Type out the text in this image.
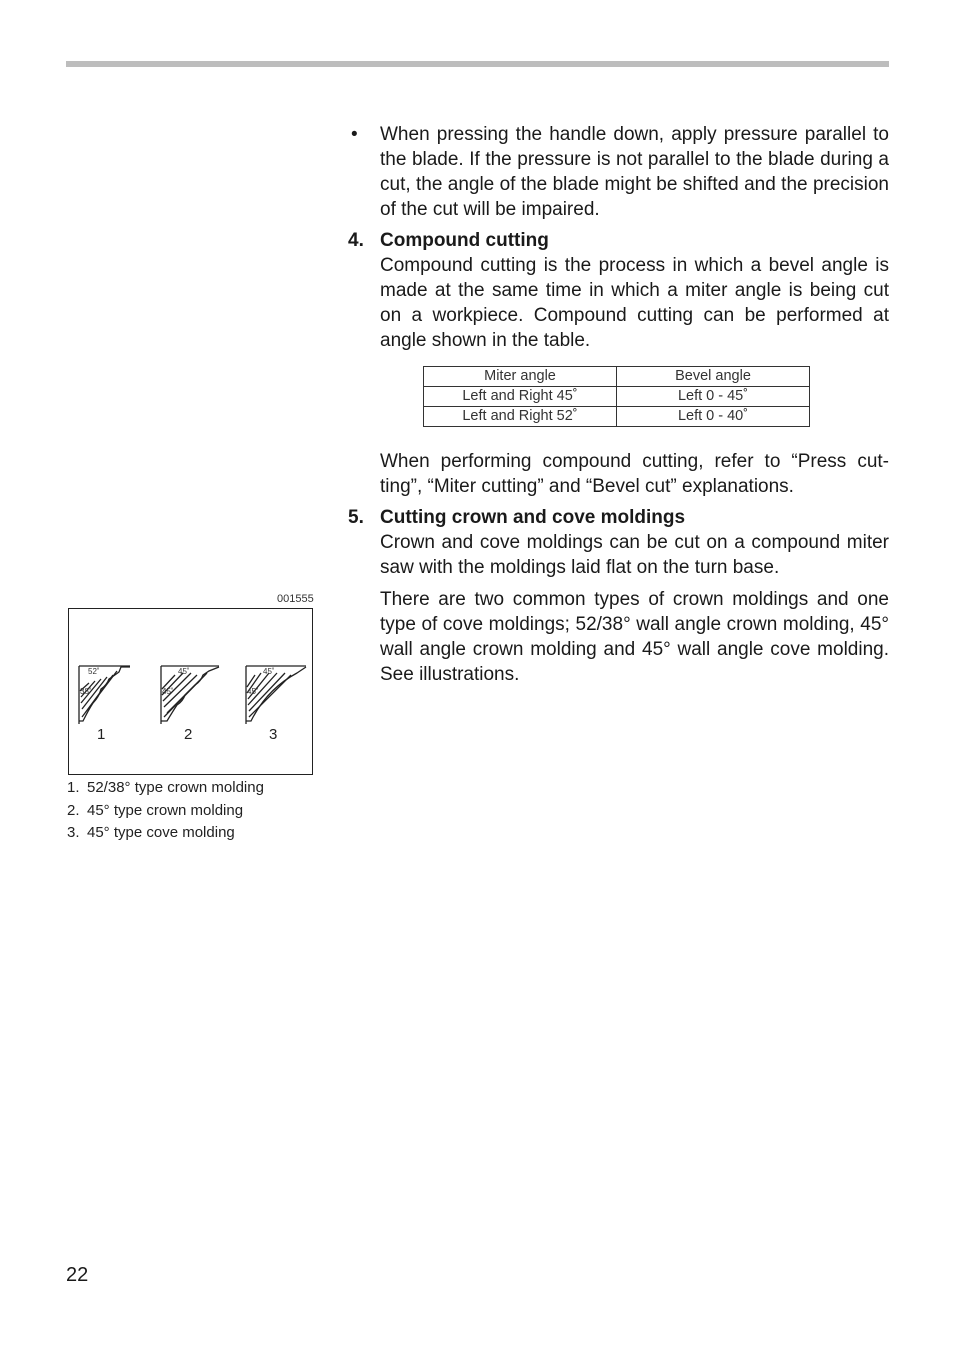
•	When pressing the handle down, apply pressure parallel to the blade. If the pressure is not parallel to the blade during a cut, the angle of the blade might be shifted and the precision of the cut will be impaired.
4. Compound cutting

Compound cutting is the process in which a bevel angle is made at the same time in which a miter angle is being cut on a workpiece. Compound cutting can be performed at angle shown in the table.

Miter angle	Bevel angle
Left and Right 45˚	Left 0 - 45˚
Left and Right 52˚	Left 0 - 40˚
When performing compound cutting, refer to “Press cut-ting”, “Miter cutting” and “Bevel cut” explanations.
5. Cutting crown and cove moldings

Crown and cove moldings can be cut on a compound miter saw with the moldings laid flat on the turn base.

There are two common types of crown moldings and one type of cove moldings; 52/38° wall angle crown molding, 45° wall angle crown molding and 45° wall angle cove molding. See illustrations.

001555
52˚
38˚
45˚
45˚
45˚
45˚
1	2	3
1. 52/38° type crown molding
2. 45° type crown molding
3. 45° type cove molding
22
